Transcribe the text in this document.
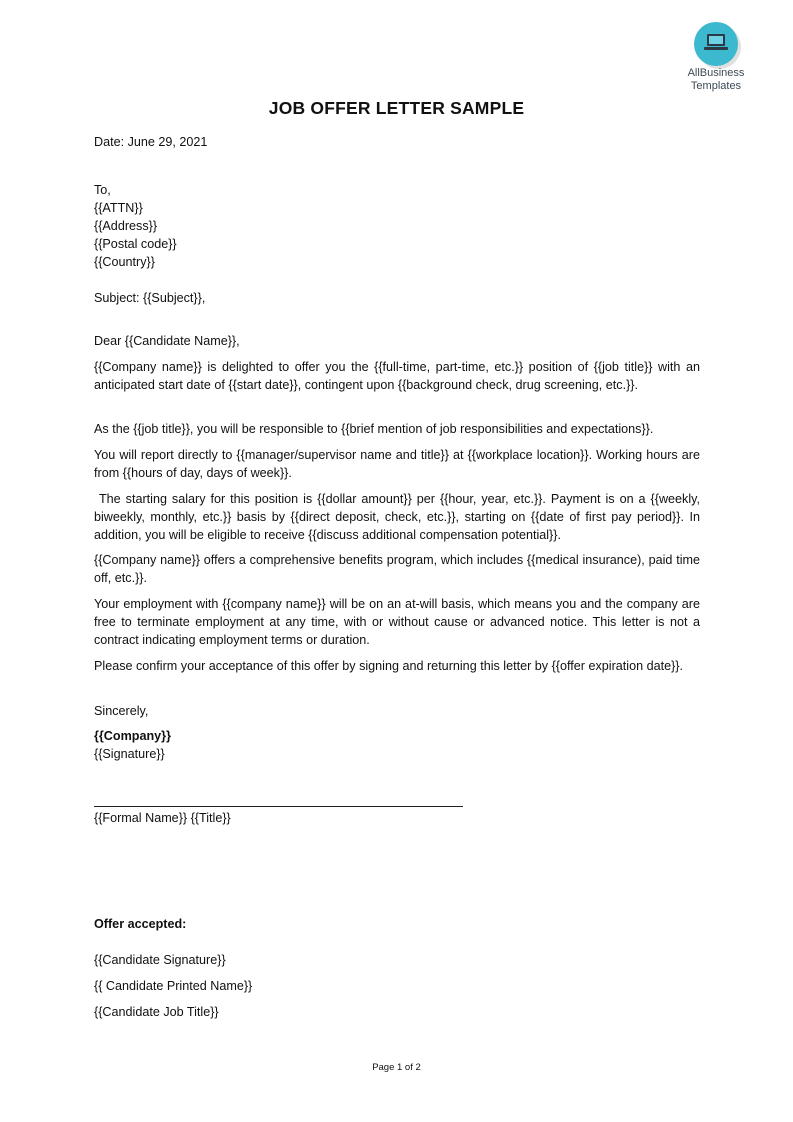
AllBusiness
Templates
JOB OFFER LETTER SAMPLE
Date: June 29, 2021
To,
{{ATTN}}
{{Address}}
{{Postal code}}
{{Country}}
Subject: {{Subject}},
Dear {{Candidate Name}},
{{Company name}} is delighted to offer you the {{full-time, part-time, etc.}} position of {{job title}} with an anticipated start date of {{start date}}, contingent upon {{background check, drug screening, etc.}}.
As the {{job title}}, you will be responsible to {{brief mention of job responsibilities and expectations}}.
You will report directly to {{manager/supervisor name and title}} at {{workplace location}}. Working hours are from {{hours of day, days of week}}.
The starting salary for this position is {{dollar amount}} per {{hour, year, etc.}}. Payment is on a {{weekly, biweekly, monthly, etc.}} basis by {{direct deposit, check, etc.}}, starting on {{date of first pay period}}. In addition, you will be eligible to receive {{discuss additional compensation potential}}.
{{Company name}} offers a comprehensive benefits program, which includes {{medical insurance), paid time off, etc.}}.
Your employment with {{company name}} will be on an at-will basis, which means you and the company are free to terminate employment at any time, with or without cause or advanced notice. This letter is not a contract indicating employment terms or duration.
Please confirm your acceptance of this offer by signing and returning this letter by {{offer expiration date}}.
Sincerely,
{{Company}}
{{Signature}}
{{Formal Name}} {{Title}}
Offer accepted:
{{Candidate Signature}}
{{ Candidate Printed Name}}
{{Candidate Job Title}}
Page 1 of 2
